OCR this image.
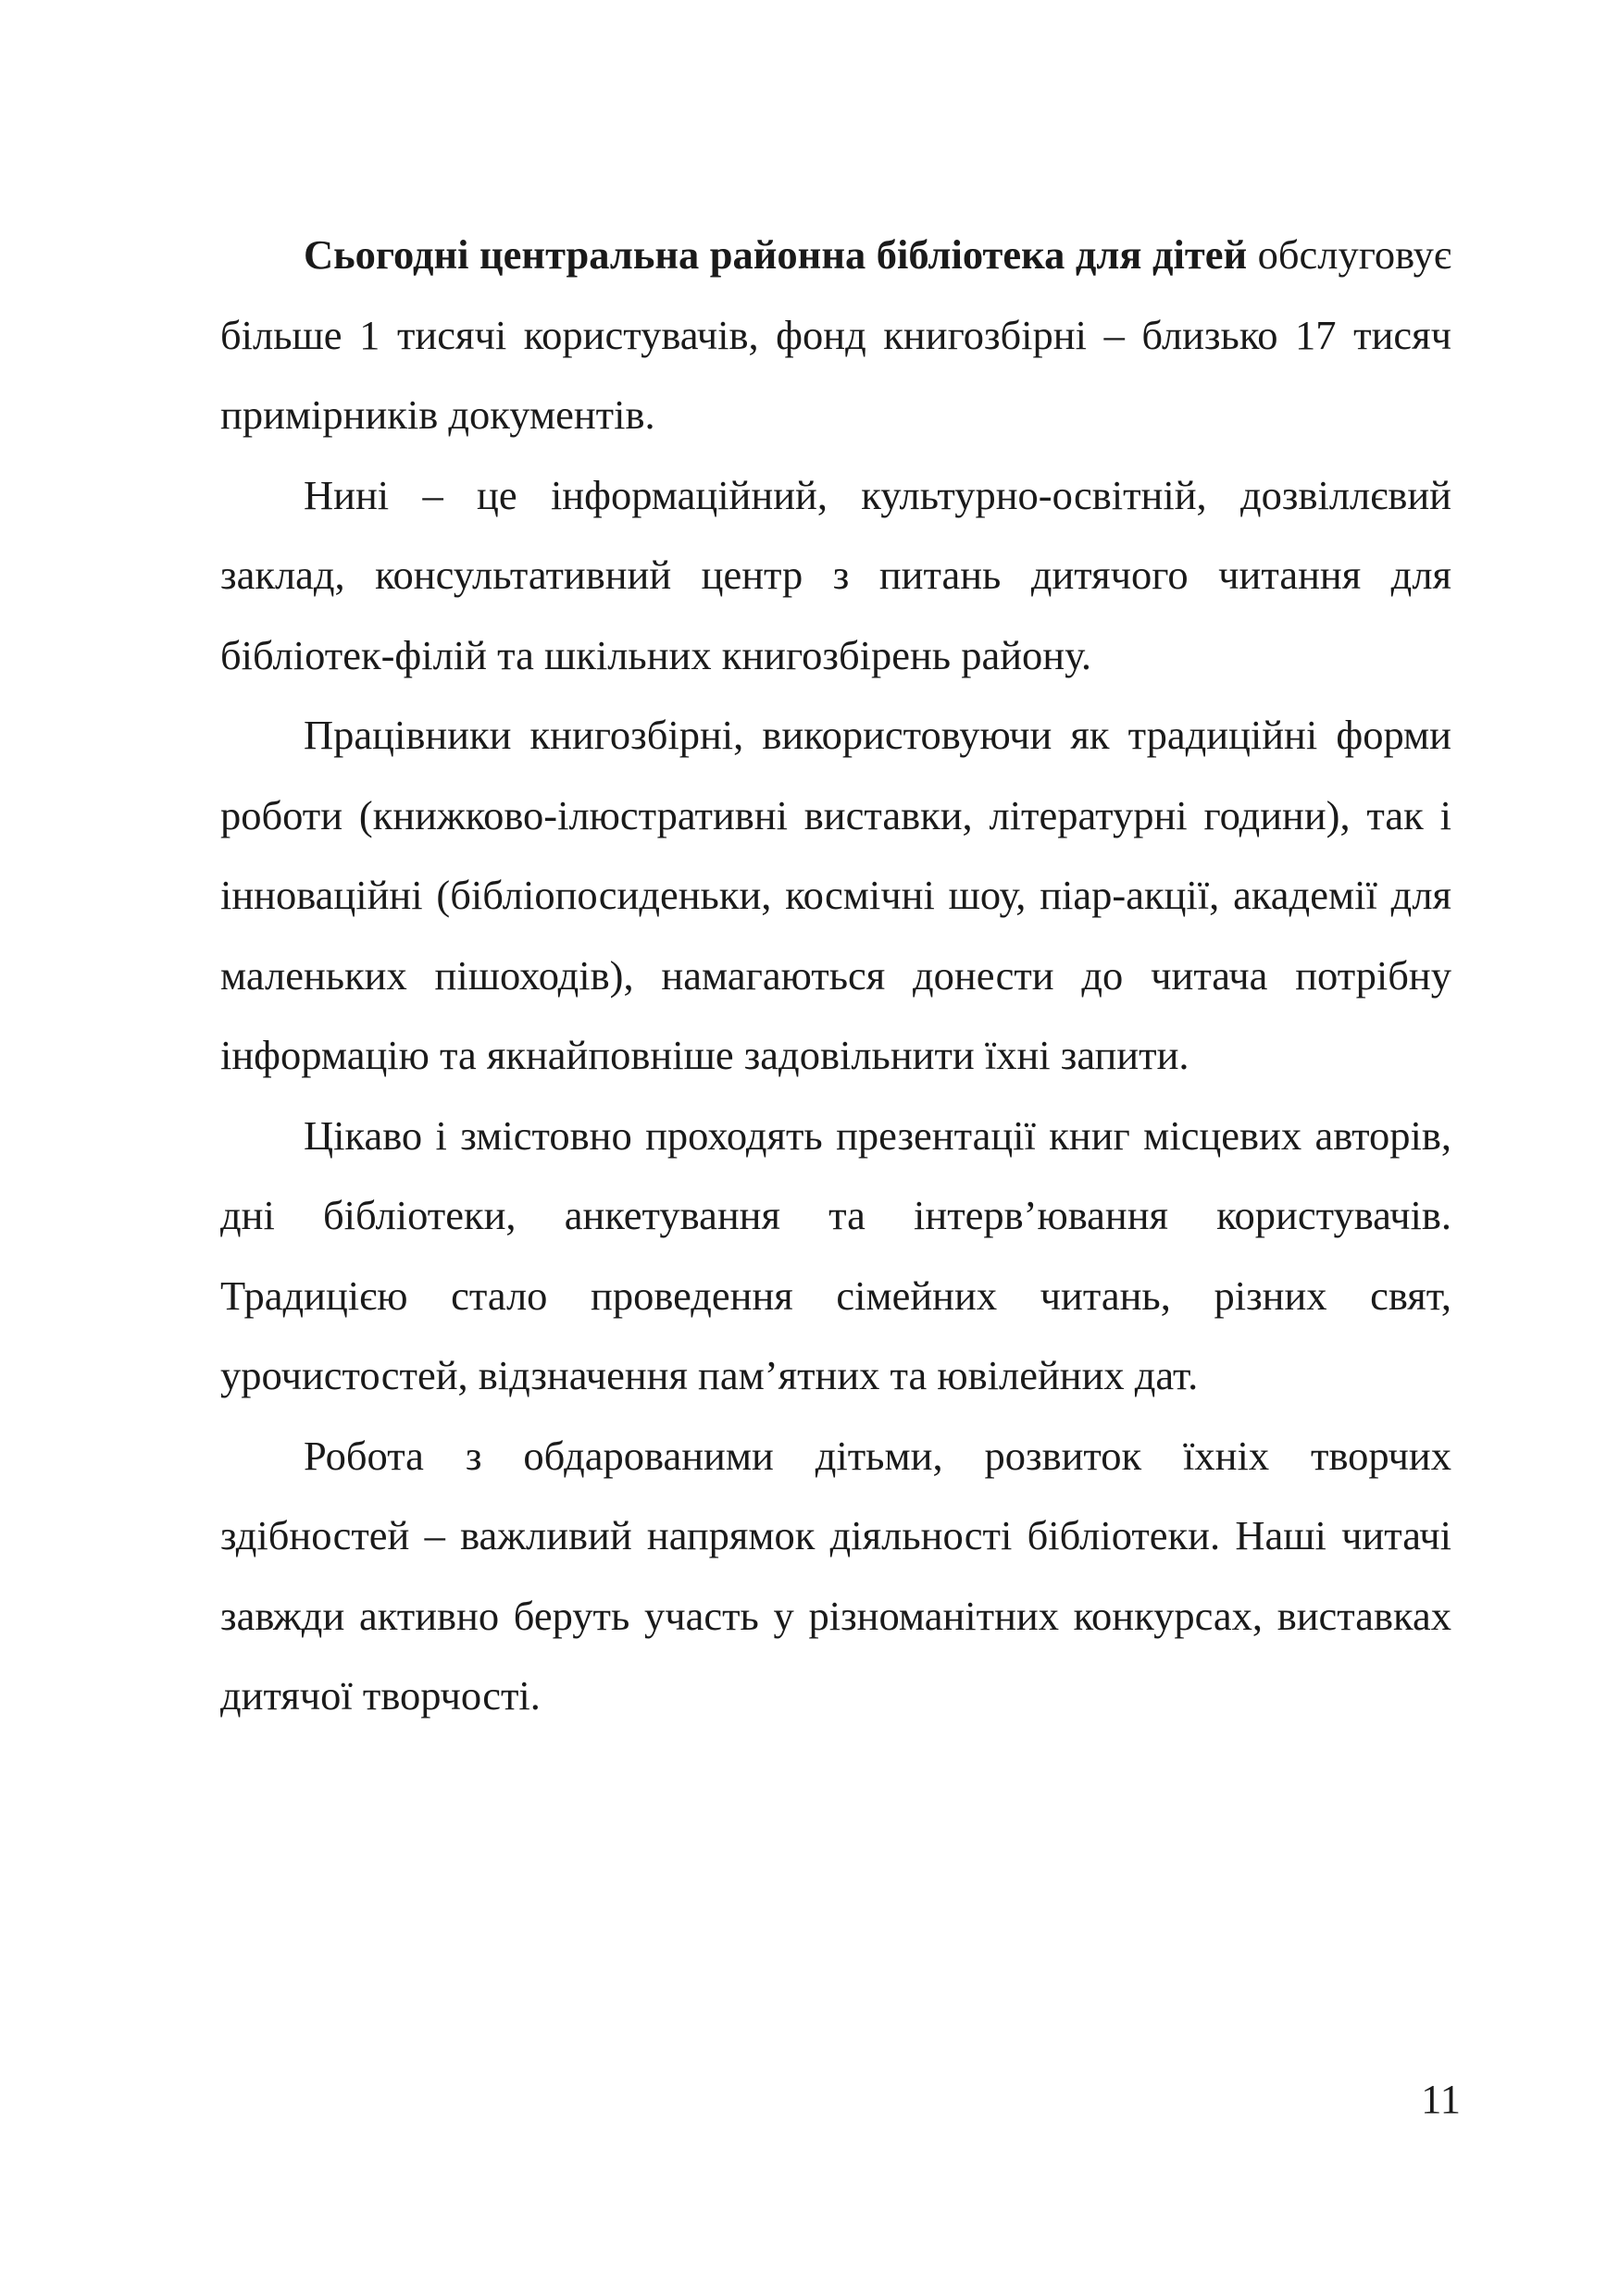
Сьогодні центральна районна бібліотека для дітей обслуговує більше 1 тисячі користувачів, фонд книгозбірні – близько 17 тисяч примірників документів.

Нині – це інформаційний, культурно-освітній, дозвіллєвий заклад, консультативний центр з питань дитячого читання для бібліотек-філій та шкільних книгозбірень району.

Працівники книгозбірні, використовуючи як традиційні форми роботи (книжково-ілюстративні виставки, літературні години), так і інноваційні (бібліопосиденьки, космічні шоу, піар-акції, академії для маленьких пішоходів), намагаються донести до читача потрібну інформацію та якнайповніше задовільнити їхні запити.

Цікаво і змістовно проходять презентації книг місцевих авторів, дні бібліотеки, анкетування та інтерв’ювання користувачів. Традицією стало проведення сімейних читань, різних свят, урочистостей, відзначення пам’ятних та ювілейних дат.

Робота з обдарованими дітьми, розвиток їхніх творчих здібностей – важливий напрямок діяльності бібліотеки. Наші читачі завжди активно беруть участь у різноманітних конкурсах, виставках дитячої творчості.

11
